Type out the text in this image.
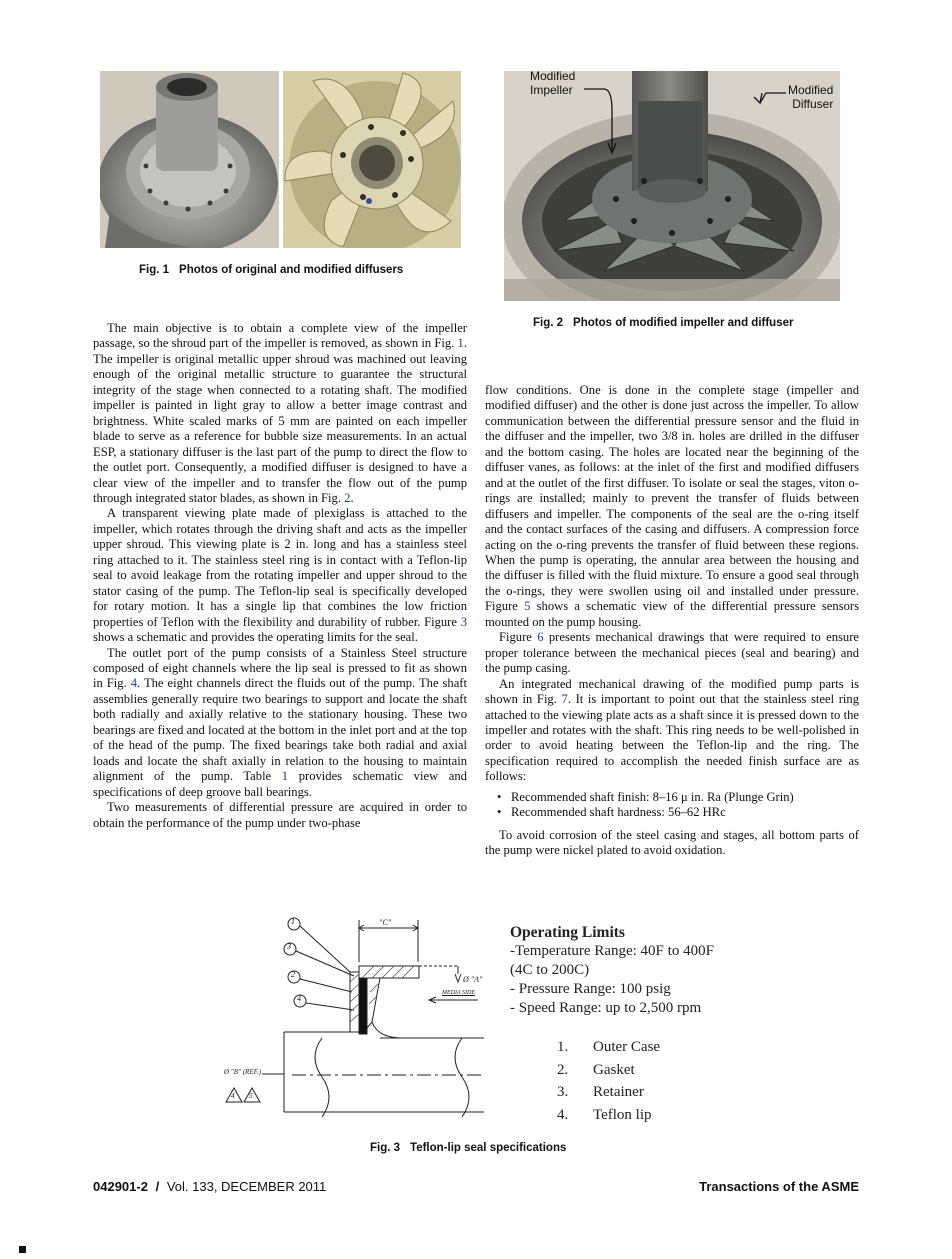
Fig. 1 Photos of original and modified diffusers
Modified
Impeller	Modified
Diffuser
Fig. 2 Photos of modified impeller and diffuser

The main objective is to obtain a complete view of the impeller passage, so the shroud part of the impeller is removed, as shown in Fig. 1. The impeller is original metallic upper shroud was machined out leaving enough of the original metallic structure to guarantee the structural integrity of the stage when connected to a rotating shaft. The modified impeller is painted in light gray to allow a better image contrast and brightness. White scaled marks of 5 mm are painted on each impeller blade to serve as a reference for bubble size measurements. In an actual ESP, a stationary diffuser is the last part of the pump to direct the flow to the outlet port. Consequently, a modified diffuser is designed to have a clear view of the impeller and to transfer the flow out of the pump through integrated stator blades, as shown in Fig. 2.

A transparent viewing plate made of plexiglass is attached to the impeller, which rotates through the driving shaft and acts as the impeller upper shroud. This viewing plate is 2 in. long and has a stainless steel ring attached to it. The stainless steel ring is in contact with a Teflon-lip seal to avoid leakage from the rotating impeller and upper shroud to the stator casing of the pump. The Teflon-lip seal is specifically developed for rotary motion. It has a single lip that combines the low friction properties of Teflon with the flexibility and durability of rubber. Figure 3 shows a schematic and provides the operating limits for the seal.

The outlet port of the pump consists of a Stainless Steel structure composed of eight channels where the lip seal is pressed to fit as shown in Fig. 4. The eight channels direct the fluids out of the pump. The shaft assemblies generally require two bearings to support and locate the shaft both radially and axially relative to the stationary housing. These two bearings are fixed and located at the bottom in the inlet port and at the top of the head of the pump. The fixed bearings take both radial and axial loads and locate the shaft axially in relation to the housing to maintain alignment of the pump. Table 1 provides schematic view and specifications of deep groove ball bearings.

Two measurements of differential pressure are acquired in order to obtain the performance of the pump under two-phase

flow conditions. One is done in the complete stage (impeller and modified diffuser) and the other is done just across the impeller. To allow communication between the differential pressure sensor and the fluid in the diffuser and the impeller, two 3/8 in. holes are drilled in the diffuser and the bottom casing. The holes are located near the beginning of the diffuser vanes, as follows: at the inlet of the first and modified diffusers and at the outlet of the first diffuser. To isolate or seal the stages, viton o-rings are installed; mainly to prevent the transfer of fluids between diffusers and impeller. The components of the seal are the o-ring itself and the contact surfaces of the casing and diffusers. A compression force acting on the o-ring prevents the transfer of fluid between these regions. When the pump is operating, the annular area between the housing and the diffuser is filled with the fluid mixture. To ensure a good seal through the o-rings, they were swollen using oil and installed under pressure. Figure 5 shows a schematic view of the differential pressure sensors mounted on the pump housing.

Figure 6 presents mechanical drawings that were required to ensure proper tolerance between the mechanical pieces (seal and bearing) and the pump casing.

An integrated mechanical drawing of the modified pump parts is shown in Fig. 7. It is important to point out that the stainless steel ring attached to the viewing plate acts as a shaft since it is pressed down to the impeller and rotates with the shaft. This ring needs to be well-polished in order to avoid heating between the Teflon-lip and the ring. The specification required to accomplish the needed finish surface are as follows:

• Recommended shaft finish: 8–16 μ in. Ra (Plunge Grin)
• Recommended shaft hardness: 56–62 HRc

To avoid corrosion of the steel casing and stages, all bottom parts of the pump were nickel plated to avoid oxidation.

1
3
2
4
"C"
Ø "A"
MEDIA SIDE
Ø "B" (REF.)
4 5
Operating Limits
-Temperature Range: 40F to 400F
(4C to 200C)
- Pressure Range: 100 psig
- Speed Range: up to 2,500 rpm
1. Outer Case
2. Gasket
3. Retainer
4. Teflon lip
Fig. 3 Teflon-lip seal specifications
042901-2 / Vol. 133, DECEMBER 2011	Transactions of the ASME
